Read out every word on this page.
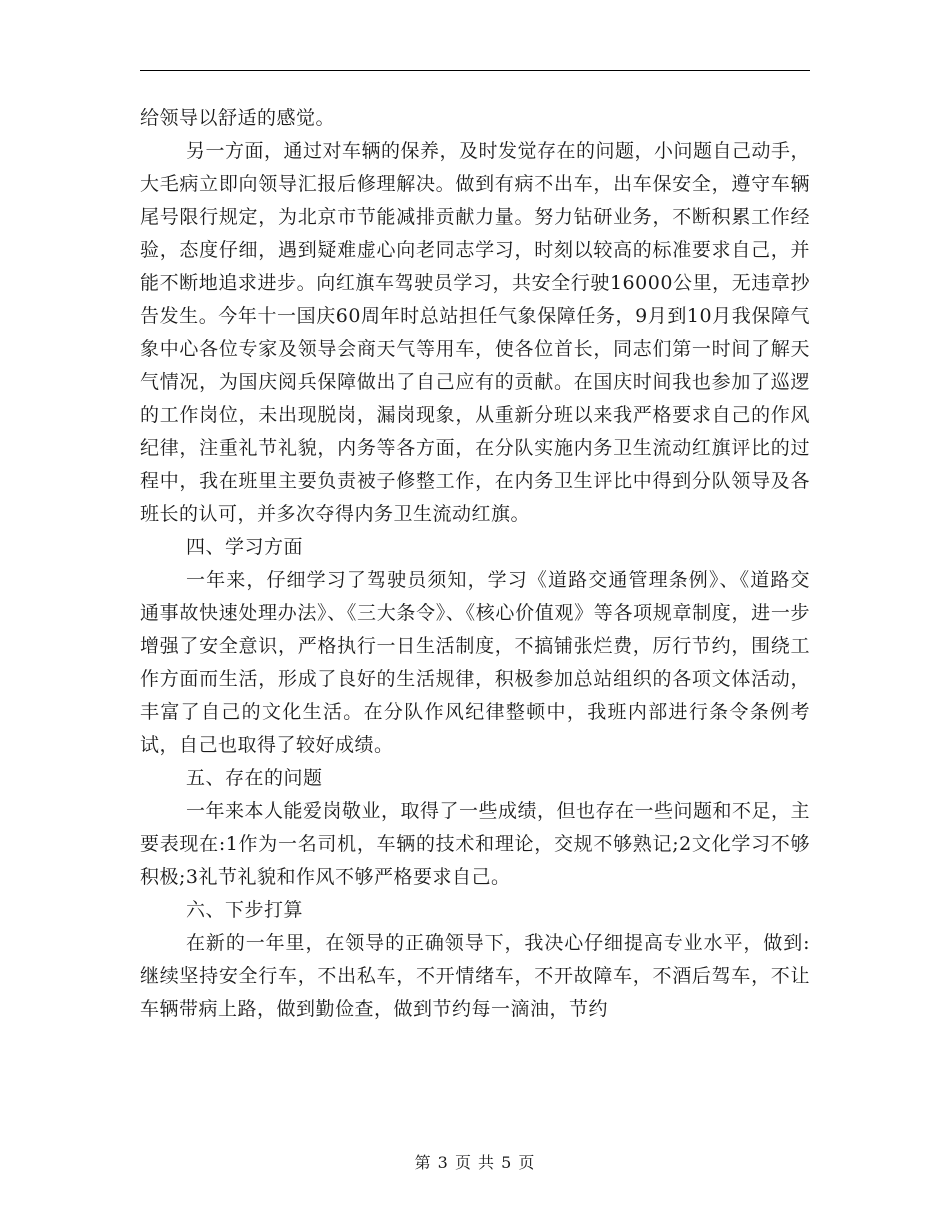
给领导以舒适的感觉。

另一方面，通过对车辆的保养，及时发觉存在的问题，小问题自己动手，大毛病立即向领导汇报后修理解决。做到有病不出车，出车保安全，遵守车辆尾号限行规定，为北京市节能减排贡献力量。努力钻研业务，不断积累工作经验，态度仔细，遇到疑难虚心向老同志学习，时刻以较高的标准要求自己，并能不断地追求进步。向红旗车驾驶员学习，共安全行驶16000公里，无违章抄告发生。今年十一国庆60周年时总站担任气象保障任务，9月到10月我保障气象中心各位专家及领导会商天气等用车，使各位首长，同志们第一时间了解天气情况，为国庆阅兵保障做出了自己应有的贡献。在国庆时间我也参加了巡逻的工作岗位，未出现脱岗，漏岗现象，从重新分班以来我严格要求自己的作风纪律，注重礼节礼貌，内务等各方面，在分队实施内务卫生流动红旗评比的过程中，我在班里主要负责被子修整工作，在内务卫生评比中得到分队领导及各班长的认可，并多次夺得内务卫生流动红旗。

四、学习方面

一年来，仔细学习了驾驶员须知，学习《道路交通管理条例》、《道路交通事故快速处理办法》、《三大条令》、《核心价值观》等各项规章制度，进一步增强了安全意识，严格执行一日生活制度，不搞铺张烂费，厉行节约，围绕工作方面而生活，形成了良好的生活规律，积极参加总站组织的各项文体活动，丰富了自己的文化生活。在分队作风纪律整顿中，我班内部进行条令条例考试，自己也取得了较好成绩。

五、存在的问题

一年来本人能爱岗敬业，取得了一些成绩，但也存在一些问题和不足，主要表现在:1作为一名司机，车辆的技术和理论，交规不够熟记;2文化学习不够积极;3礼节礼貌和作风不够严格要求自己。

六、下步打算

在新的一年里，在领导的正确领导下，我决心仔细提高专业水平，做到:继续坚持安全行车，不出私车，不开情绪车，不开故障车，不酒后驾车，不让车辆带病上路，做到勤俭查，做到节约每一滴油，节约

第 3 页 共 5 页
